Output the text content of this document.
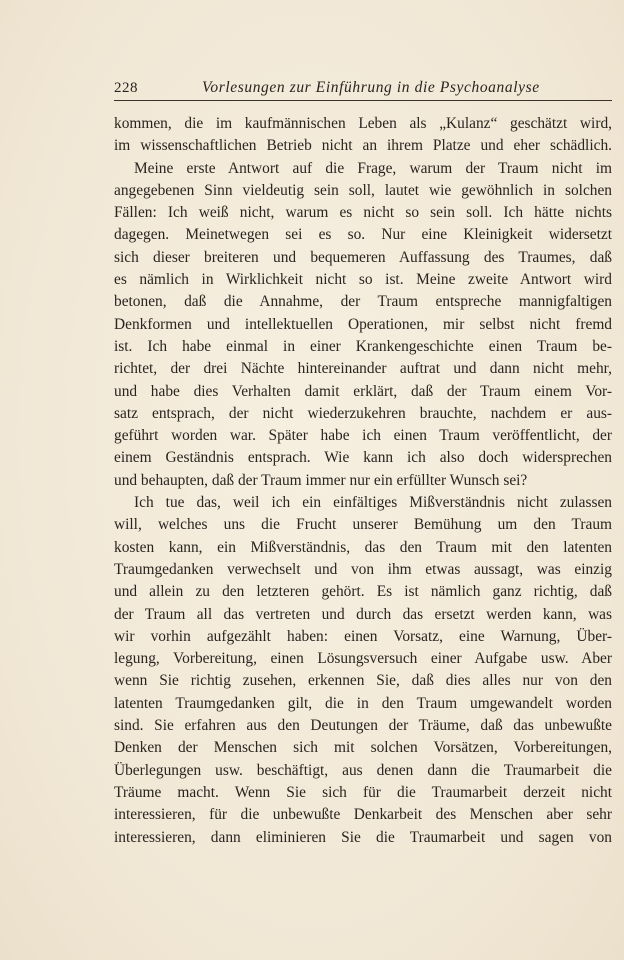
228	Vorlesungen zur Einführung in die Psychoanalyse
kommen, die im kaufmännischen Leben als „Kulanz“ geschätzt wird,
im wissenschaftlichen Betrieb nicht an ihrem Platze und eher schädlich.
Meine erste Antwort auf die Frage, warum der Traum nicht im
angegebenen Sinn vieldeutig sein soll, lautet wie gewöhnlich in solchen
Fällen: Ich weiß nicht, warum es nicht so sein soll. Ich hätte nichts
dagegen. Meinetwegen sei es so. Nur eine Kleinigkeit widersetzt
sich dieser breiteren und bequemeren Auffassung des Traumes, daß
es nämlich in Wirklichkeit nicht so ist. Meine zweite Antwort wird
betonen, daß die Annahme, der Traum entspreche mannigfaltigen
Denkformen und intellektuellen Operationen, mir selbst nicht fremd
ist. Ich habe einmal in einer Krankengeschichte einen Traum be-
richtet, der drei Nächte hintereinander auftrat und dann nicht mehr,
und habe dies Verhalten damit erklärt, daß der Traum einem Vor-
satz entsprach, der nicht wiederzukehren brauchte, nachdem er aus-
geführt worden war. Später habe ich einen Traum veröffentlicht, der
einem Geständnis entsprach. Wie kann ich also doch widersprechen
und behaupten, daß der Traum immer nur ein erfüllter Wunsch sei?
Ich tue das, weil ich ein einfältiges Mißverständnis nicht zulassen
will, welches uns die Frucht unserer Bemühung um den Traum
kosten kann, ein Mißverständnis, das den Traum mit den latenten
Traumgedanken verwechselt und von ihm etwas aussagt, was einzig
und allein zu den letzteren gehört. Es ist nämlich ganz richtig, daß
der Traum all das vertreten und durch das ersetzt werden kann, was
wir vorhin aufgezählt haben: einen Vorsatz, eine Warnung, Über-
legung, Vorbereitung, einen Lösungsversuch einer Aufgabe usw. Aber
wenn Sie richtig zusehen, erkennen Sie, daß dies alles nur von den
latenten Traumgedanken gilt, die in den Traum umgewandelt worden
sind. Sie erfahren aus den Deutungen der Träume, daß das unbewußte
Denken der Menschen sich mit solchen Vorsätzen, Vorbereitungen,
Überlegungen usw. beschäftigt, aus denen dann die Traumarbeit die
Träume macht. Wenn Sie sich für die Traumarbeit derzeit nicht
interessieren, für die unbewußte Denkarbeit des Menschen aber sehr
interessieren, dann eliminieren Sie die Traumarbeit und sagen von
